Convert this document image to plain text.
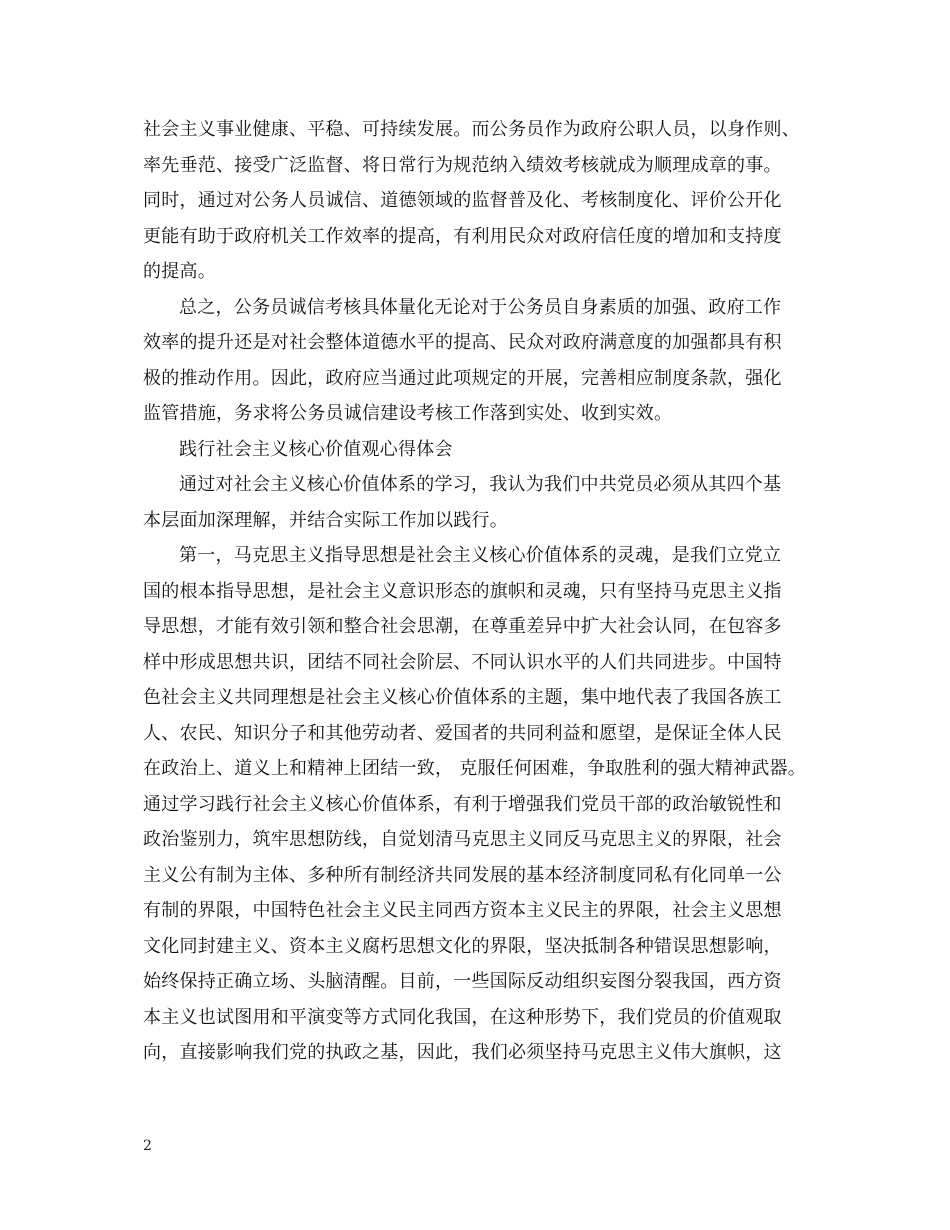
社会主义事业健康、平稳、可持续发展。而公务员作为政府公职人员，以身作则、
率先垂范、接受广泛监督、将日常行为规范纳入绩效考核就成为顺理成章的事。
同时，通过对公务人员诚信、道德领域的监督普及化、考核制度化、评价公开化
更能有助于政府机关工作效率的提高，有利用民众对政府信任度的增加和支持度
的提高。
总之，公务员诚信考核具体量化无论对于公务员自身素质的加强、政府工作
效率的提升还是对社会整体道德水平的提高、民众对政府满意度的加强都具有积
极的推动作用。因此，政府应当通过此项规定的开展，完善相应制度条款，强化
监管措施，务求将公务员诚信建设考核工作落到实处、收到实效。
践行社会主义核心价值观心得体会
通过对社会主义核心价值体系的学习，我认为我们中共党员必须从其四个基
本层面加深理解，并结合实际工作加以践行。
第一，马克思主义指导思想是社会主义核心价值体系的灵魂，是我们立党立
国的根本指导思想，是社会主义意识形态的旗帜和灵魂，只有坚持马克思主义指
导思想，才能有效引领和整合社会思潮，在尊重差异中扩大社会认同，在包容多
样中形成思想共识，团结不同社会阶层、不同认识水平的人们共同进步。中国特
色社会主义共同理想是社会主义核心价值体系的主题，集中地代表了我国各族工
人、农民、知识分子和其他劳动者、爱国者的共同利益和愿望，是保证全体人民
在政治上、道义上和精神上团结一致， 克服任何困难，争取胜利的强大精神武器。
通过学习践行社会主义核心价值体系，有利于增强我们党员干部的政治敏锐性和
政治鉴别力，筑牢思想防线，自觉划清马克思主义同反马克思主义的界限，社会
主义公有制为主体、多种所有制经济共同发展的基本经济制度同私有化同单一公
有制的界限，中国特色社会主义民主同西方资本主义民主的界限，社会主义思想
文化同封建主义、资本主义腐朽思想文化的界限，坚决抵制各种错误思想影响，
始终保持正确立场、头脑清醒。目前，一些国际反动组织妄图分裂我国，西方资
本主义也试图用和平演变等方式同化我国，在这种形势下，我们党员的价值观取
向，直接影响我们党的执政之基，因此，我们必须坚持马克思主义伟大旗帜，这
2
